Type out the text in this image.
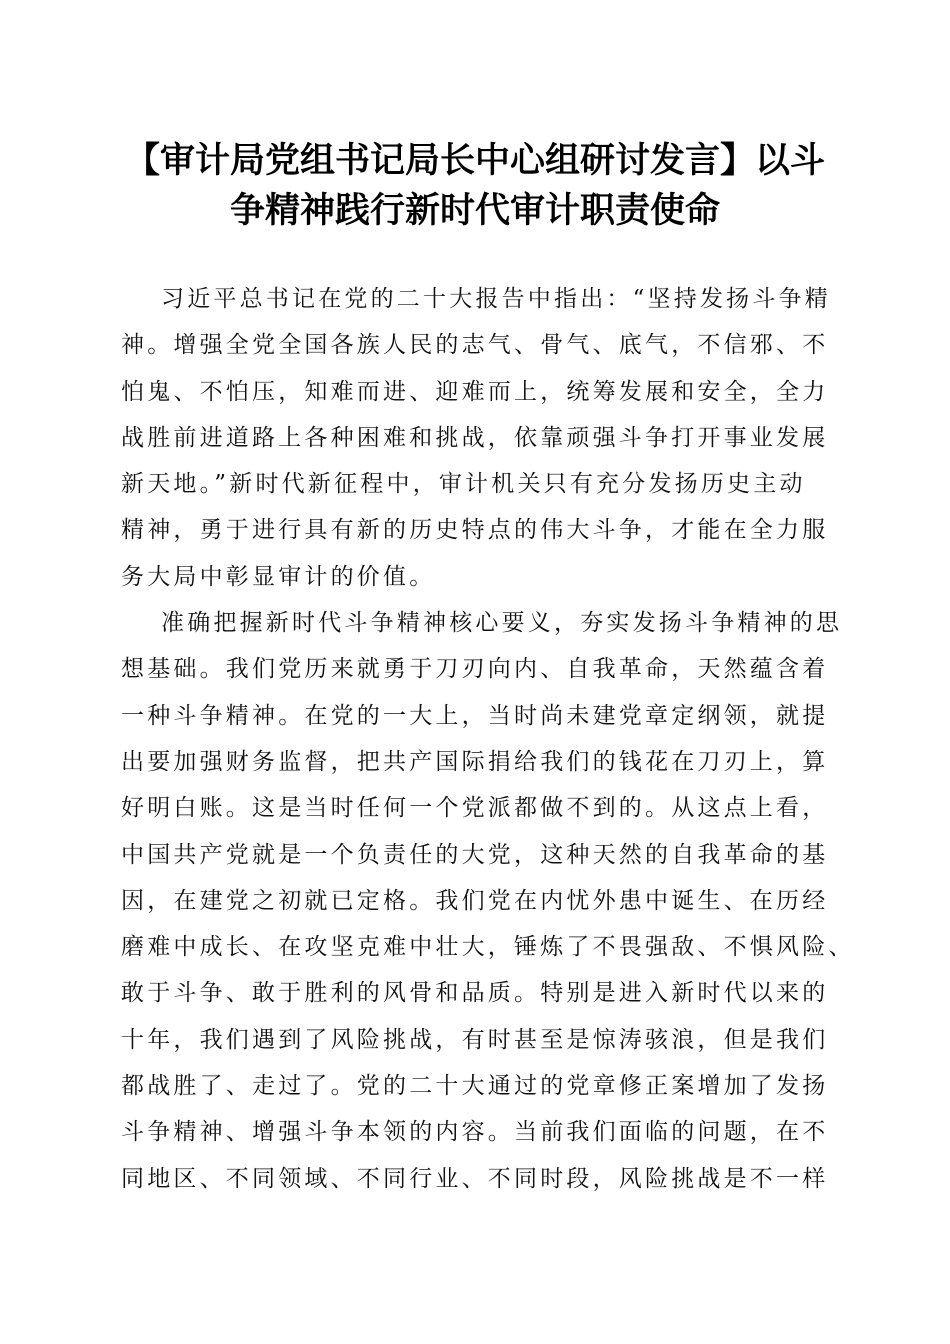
【审计局党组书记局长中心组研讨发言】以斗
争精神践行新时代审计职责使命
习近平总书记在党的二十大报告中指出：“坚持发扬斗争精
神。增强全党全国各族人民的志气、骨气、底气，不信邪、不
怕鬼、不怕压，知难而进、迎难而上，统筹发展和安全，全力
战胜前进道路上各种困难和挑战，依靠顽强斗争打开事业发展
新天地。”新时代新征程中，审计机关只有充分发扬历史主动
精神，勇于进行具有新的历史特点的伟大斗争，才能在全力服
务大局中彰显审计的价值。
准确把握新时代斗争精神核心要义，夯实发扬斗争精神的思
想基础。我们党历来就勇于刀刃向内、自我革命，天然蕴含着
一种斗争精神。在党的一大上，当时尚未建党章定纲领，就提
出要加强财务监督，把共产国际捐给我们的钱花在刀刃上，算
好明白账。这是当时任何一个党派都做不到的。从这点上看，
中国共产党就是一个负责任的大党，这种天然的自我革命的基
因，在建党之初就已定格。我们党在内忧外患中诞生、在历经
磨难中成长、在攻坚克难中壮大，锤炼了不畏强敌、不惧风险、
敢于斗争、敢于胜利的风骨和品质。特别是进入新时代以来的
十年，我们遇到了风险挑战，有时甚至是惊涛骇浪，但是我们
都战胜了、走过了。党的二十大通过的党章修正案增加了发扬
斗争精神、增强斗争本领的内容。当前我们面临的问题，在不
同地区、不同领域、不同行业、不同时段，风险挑战是不一样
